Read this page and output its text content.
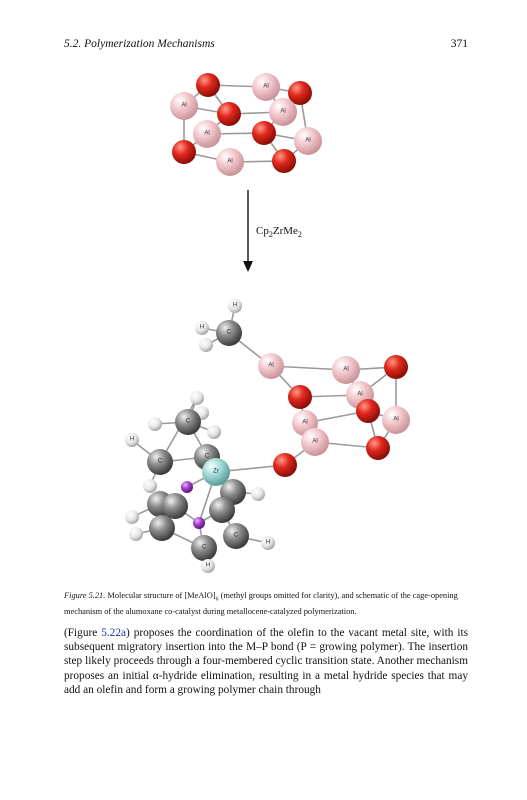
5.2. Polymerization Mechanisms	371
Al
Al
Al
Al
Al
Al
$Cp_2ZrMe_2$
Al
Al
Al
Al	Al
Al
C
C
C
C
Zr
C
C
H
H
H
H
H
Figure 5.21. Molecular structure of $[MeAlO]_6$ (methyl groups omitted for clarity), and schematic of the cage-opening mechanism of the alumoxane co-catalyst during metallocene-catalyzed polymerization.
(Figure 5.22a) proposes the coordination of the olefin to the vacant metal site, with its subsequent migratory insertion into the M–P bond (P = growing polymer). The insertion step likely proceeds through a four-membered cyclic transition state. Another mechanism proposes an initial α-hydride elimination, resulting in a metal hydride species that may add an olefin and form a growing polymer chain through
